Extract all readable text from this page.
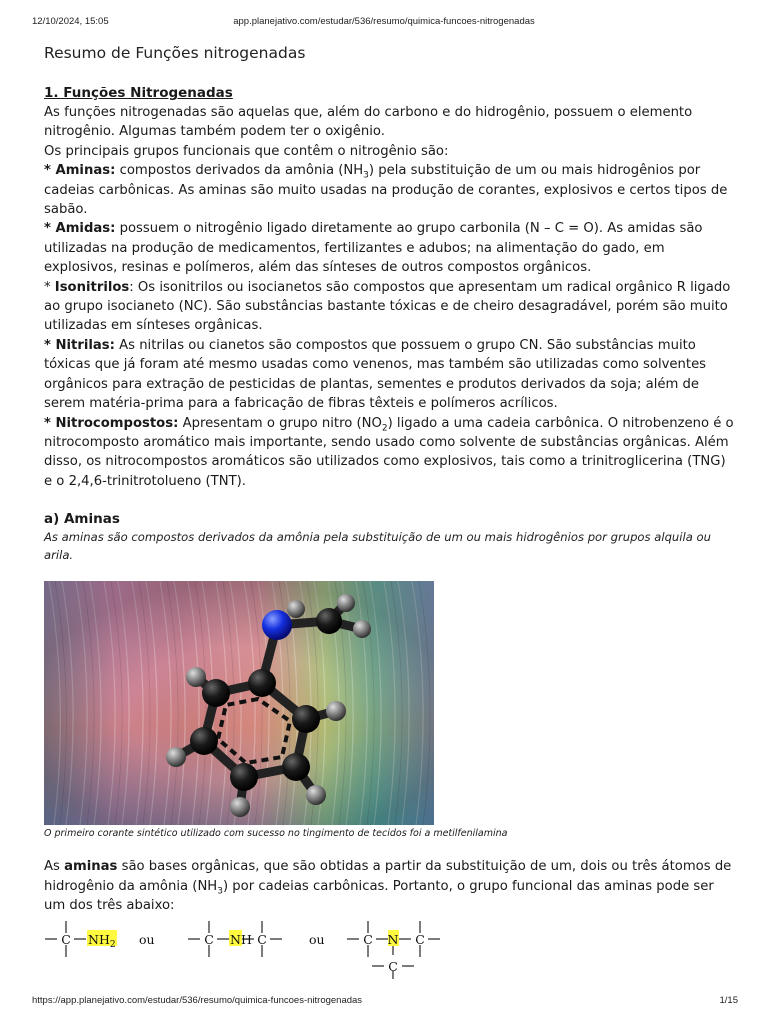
12/10/2024, 15:05	app.planejativo.com/estudar/536/resumo/quimica-funcoes-nitrogenadas
Resumo de Funções nitrogenadas
1. Funções Nitrogenadas

As funções nitrogenadas são aquelas que, além do carbono e do hidrogênio, possuem o elemento nitrogênio. Algumas também podem ter o oxigênio.
Os principais grupos funcionais que contêm o nitrogênio são:

* Aminas: compostos derivados da amônia $(NH_3)$ pela substituição de um ou mais hidrogênios por cadeias carbônicas. As aminas são muito usadas na produção de corantes, explosivos e certos tipos de sabão.

* Amidas: possuem o nitrogênio ligado diretamente ao grupo carbonila (N – C = O). As amidas são utilizadas na produção de medicamentos, fertilizantes e adubos; na alimentação do gado, em explosivos, resinas e polímeros, além das sínteses de outros compostos orgânicos.

* Isonitrilos: Os isonitrilos ou isocianetos são compostos que apresentam um radical orgânico R ligado ao grupo isocianeto (NC). São substâncias bastante tóxicas e de cheiro desagradável, porém são muito utilizadas em sínteses orgânicas.

* Nitrilas: As nitrilas ou cianetos são compostos que possuem o grupo CN. São substâncias muito tóxicas que já foram até mesmo usadas como venenos, mas também são utilizadas como solventes orgânicos para extração de pesticidas de plantas, sementes e produtos derivados da soja; além de serem matéria-prima para a fabricação de fibras têxteis e polímeros acrílicos.

* Nitrocompostos: Apresentam o grupo nitro $(NO_2)$ ligado a uma cadeia carbônica. O nitrobenzeno é o nitrocomposto aromático mais importante, sendo usado como solvente de substâncias orgânicas. Além disso, os nitrocompostos aromáticos são utilizados como explosivos, tais como a trinitroglicerina (TNG) e o 2,4,6-trinitrotolueno (TNT).

a) Aminas

As aminas são compostos derivados da amônia pela substituição de um ou mais hidrogênios por grupos alquila ou arila.

O primeiro corante sintético utilizado com sucesso no tingimento de tecidos foi a metilfenilamina

As aminas são bases orgânicas, que são obtidas a partir da substituição de um, dois ou três átomos de hidrogênio da amônia $(NH_3)$ por cadeias carbônicas. Portanto, o grupo funcional das aminas pode ser um dos três abaixo:

C $NH_2$ ou	C NH C	ou	C N C
C
https://app.planejativo.com/estudar/536/resumo/quimica-funcoes-nitrogenadas	1/15
